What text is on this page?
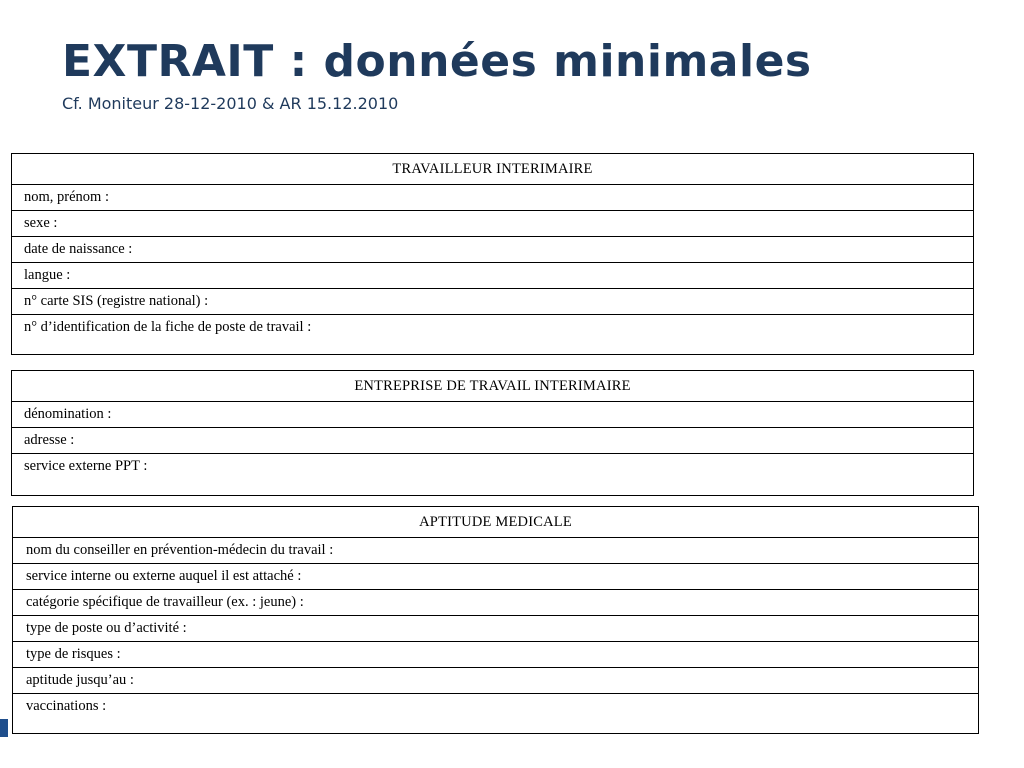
EXTRAIT : données minimales

Cf. Moniteur 28-12-2010 & AR 15.12.2010

TRAVAILLEUR INTERIMAIRE
nom, prénom :
sexe :
date de naissance :
langue :
n° carte SIS (registre national) :
n° d’identification de la fiche de poste de travail :
ENTREPRISE DE TRAVAIL INTERIMAIRE
dénomination :
adresse :
service externe PPT :
APTITUDE MEDICALE
nom du conseiller en prévention-médecin du travail :
service interne ou externe auquel il est attaché :
catégorie spécifique de travailleur (ex. : jeune) :
type de poste ou d’activité :
type de risques :
aptitude jusqu’au :
vaccinations :
